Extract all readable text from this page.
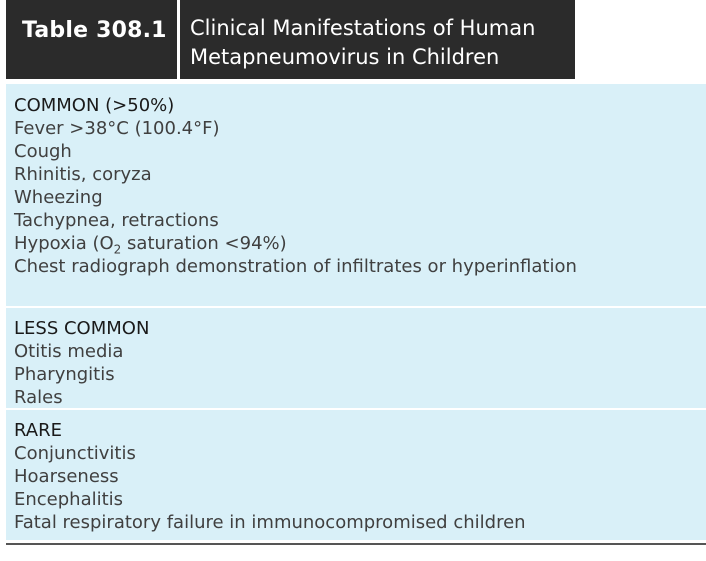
Table 308.1 Clinical Manifestations of Human
Metapneumovirus in Children

COMMON (>50%)

Fever >38°C (100.4°F)

Cough

Rhinitis, coryza

Wheezing

Tachypnea, retractions

Hypoxia ($O_2$ saturation <94%)

Chest radiograph demonstration of infiltrates or hyperinflation

LESS COMMON

Otitis media

Pharyngitis

Rales

RARE

Conjunctivitis

Hoarseness

Encephalitis

Fatal respiratory failure in immunocompromised children
